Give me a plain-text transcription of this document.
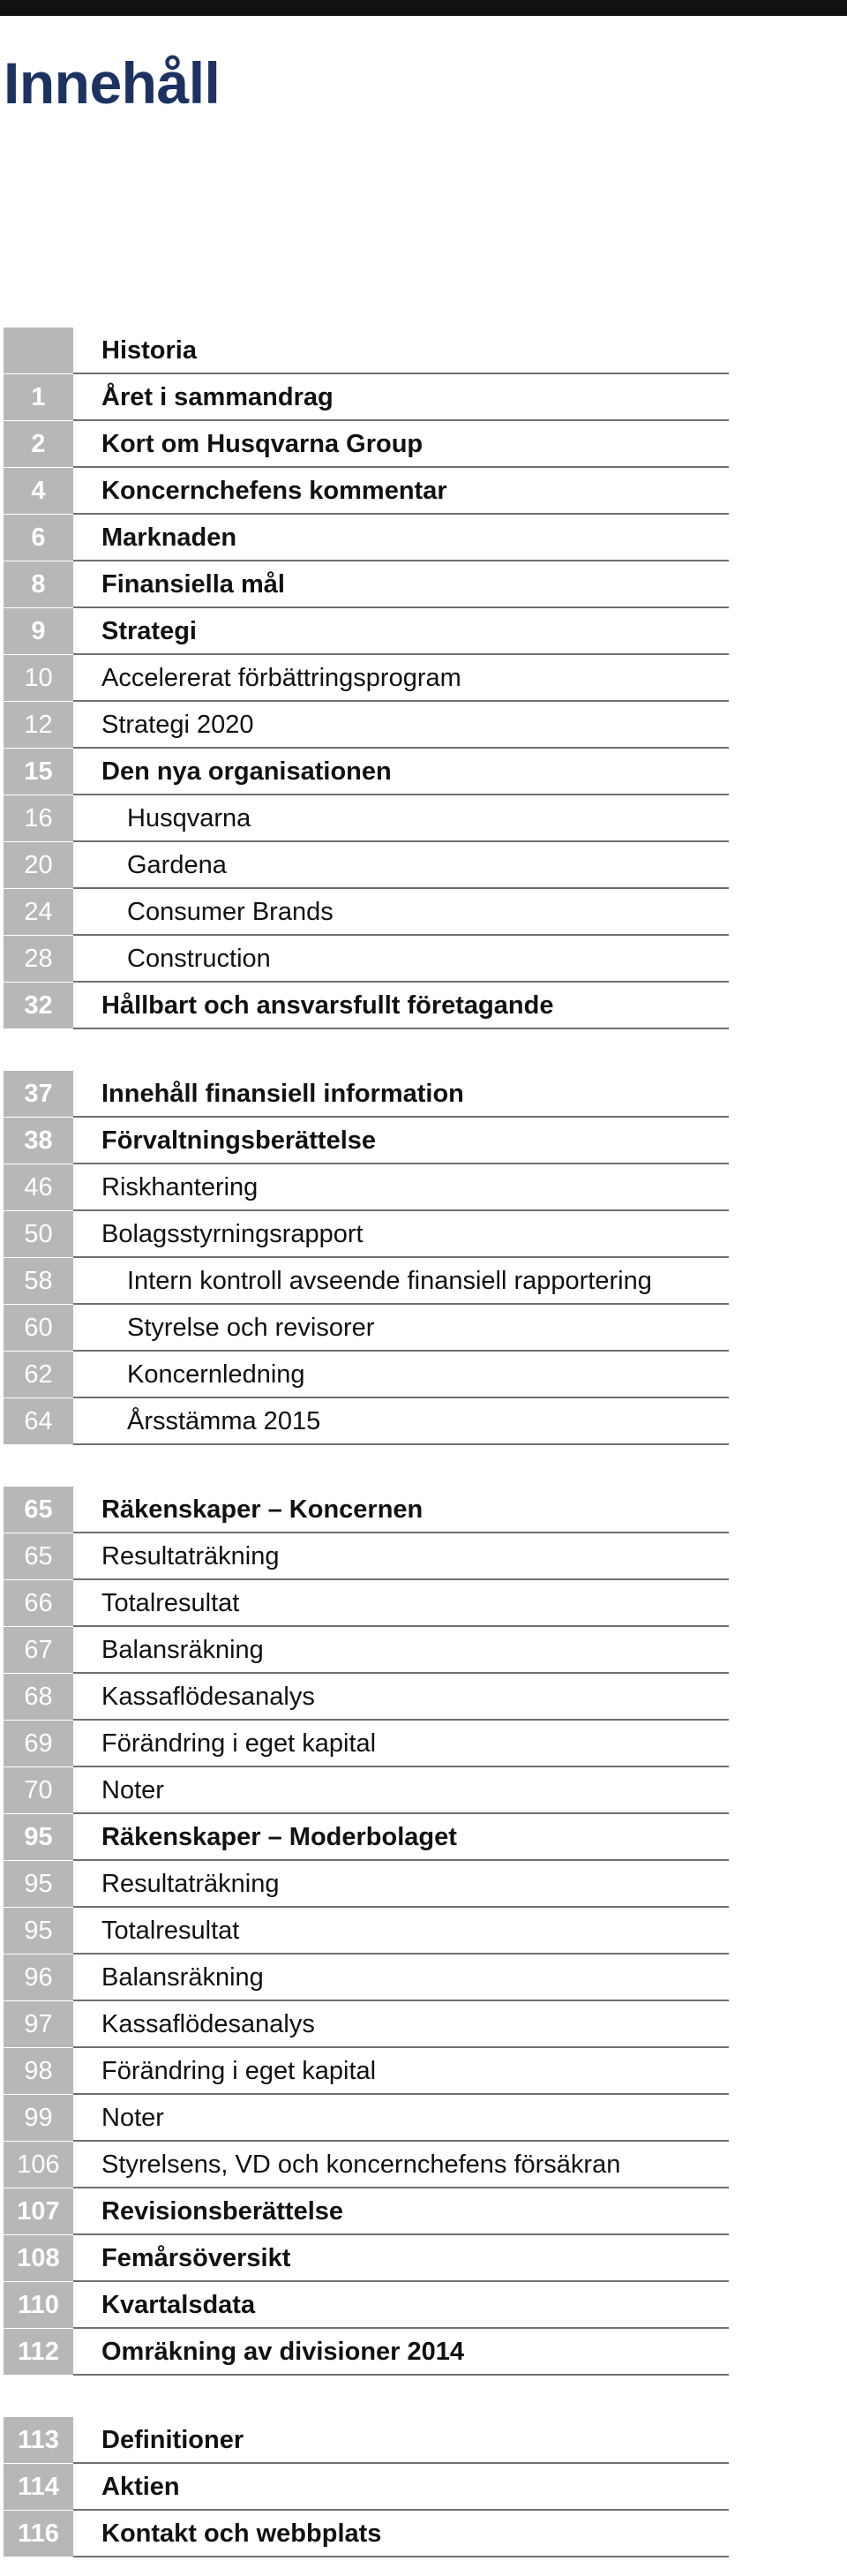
Innehåll
Historia
1	Året i sammandrag
2	Kort om Husqvarna Group
4	Koncernchefens kommentar
6	Marknaden
8	Finansiella mål
9	Strategi
10	Accelererat förbättringsprogram
12	Strategi 2020
15	Den nya organisationen
16	Husqvarna
20	Gardena
24	Consumer Brands
28	Construction
32	Hållbart och ansvarsfullt företagande
37	Innehåll finansiell information
38	Förvaltningsberättelse
46	Riskhantering
50	Bolagsstyrningsrapport
58	Intern kontroll avseende finansiell rapportering
60	Styrelse och revisorer
62	Koncernledning
64	Årsstämma 2015
65	Räkenskaper – Koncernen
65	Resultaträkning
66	Totalresultat
67	Balansräkning
68	Kassaflödesanalys
69	Förändring i eget kapital
70	Noter
95	Räkenskaper – Moderbolaget
95	Resultaträkning
95	Totalresultat
96	Balansräkning
97	Kassaflödesanalys
98	Förändring i eget kapital
99	Noter
106	Styrelsens, VD och koncernchefens försäkran
107	Revisionsberättelse
108	Femårsöversikt
110	Kvartalsdata
112	Omräkning av divisioner 2014
113	Definitioner
114	Aktien
116	Kontakt och webbplats
